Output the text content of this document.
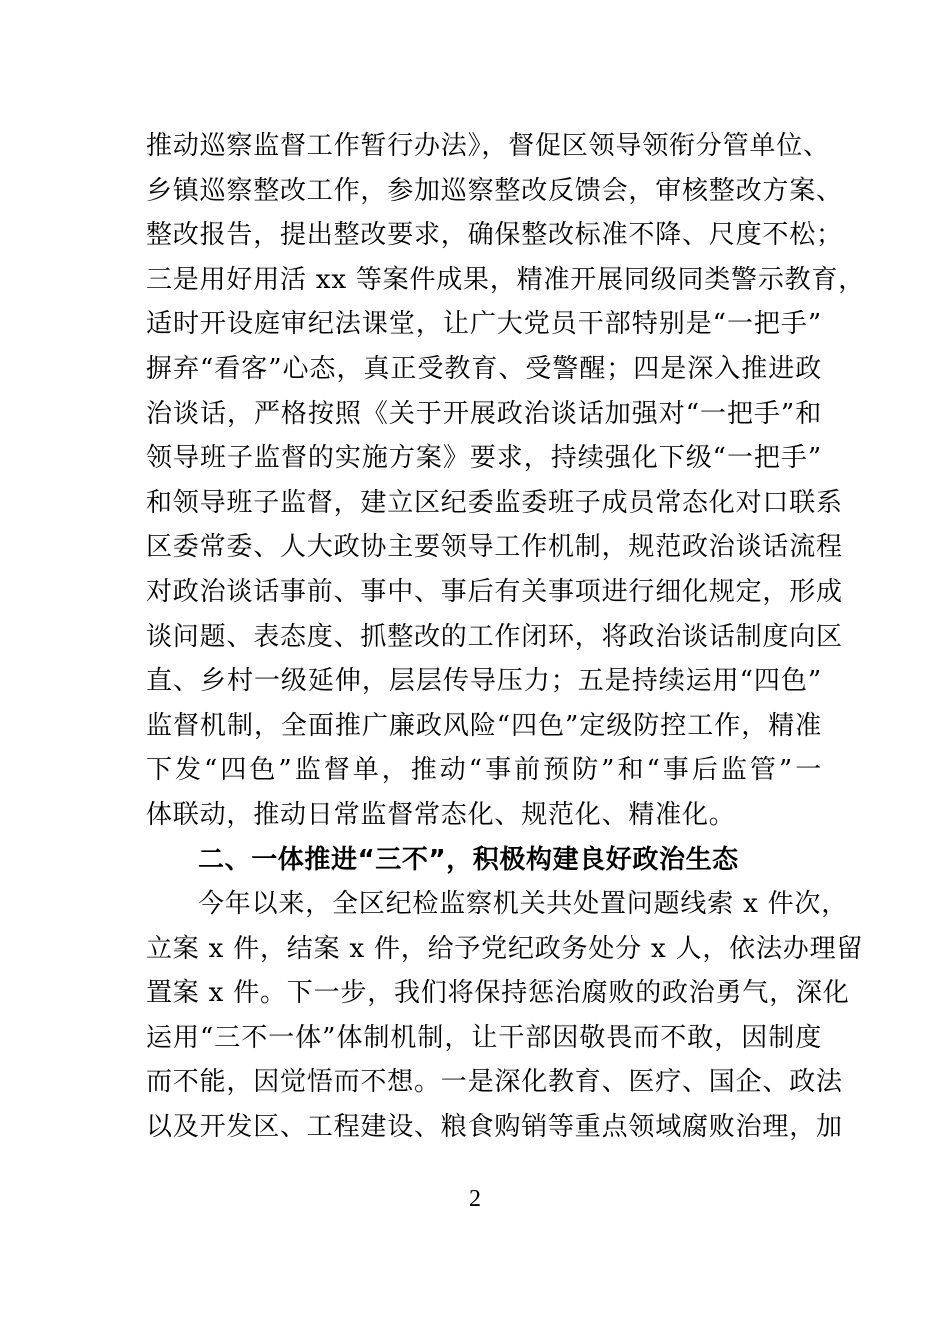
推动巡察监督工作暂行办法》，督促区领导领衔分管单位、
乡镇巡察整改工作，参加巡察整改反馈会，审核整改方案、
整改报告，提出整改要求，确保整改标准不降、尺度不松；
三是用好用活 xx 等案件成果，精准开展同级同类警示教育，
适时开设庭审纪法课堂，让广大党员干部特别是“一把手”
摒弃“看客”心态，真正受教育、受警醒；四是深入推进政
治谈话，严格按照《关于开展政治谈话加强对“一把手”和
领导班子监督的实施方案》要求，持续强化下级“一把手”
和领导班子监督，建立区纪委监委班子成员常态化对口联系
区委常委、人大政协主要领导工作机制，规范政治谈话流程
对政治谈话事前、事中、事后有关事项进行细化规定，形成
谈问题、表态度、抓整改的工作闭环，将政治谈话制度向区
直、乡村一级延伸，层层传导压力；五是持续运用“四色”
监督机制，全面推广廉政风险“四色”定级防控工作，精准
下发“四色”监督单，推动“事前预防”和“事后监管”一
体联动，推动日常监督常态化、规范化、精准化。
二、一体推进“三不”，积极构建良好政治生态
今年以来，全区纪检监察机关共处置问题线索 x 件次，
立案 x 件，结案 x 件，给予党纪政务处分 x 人，依法办理留
置案 x 件。下一步，我们将保持惩治腐败的政治勇气，深化
运用“三不一体”体制机制，让干部因敬畏而不敢，因制度
而不能，因觉悟而不想。一是深化教育、医疗、国企、政法
以及开发区、工程建设、粮食购销等重点领域腐败治理，加
2
